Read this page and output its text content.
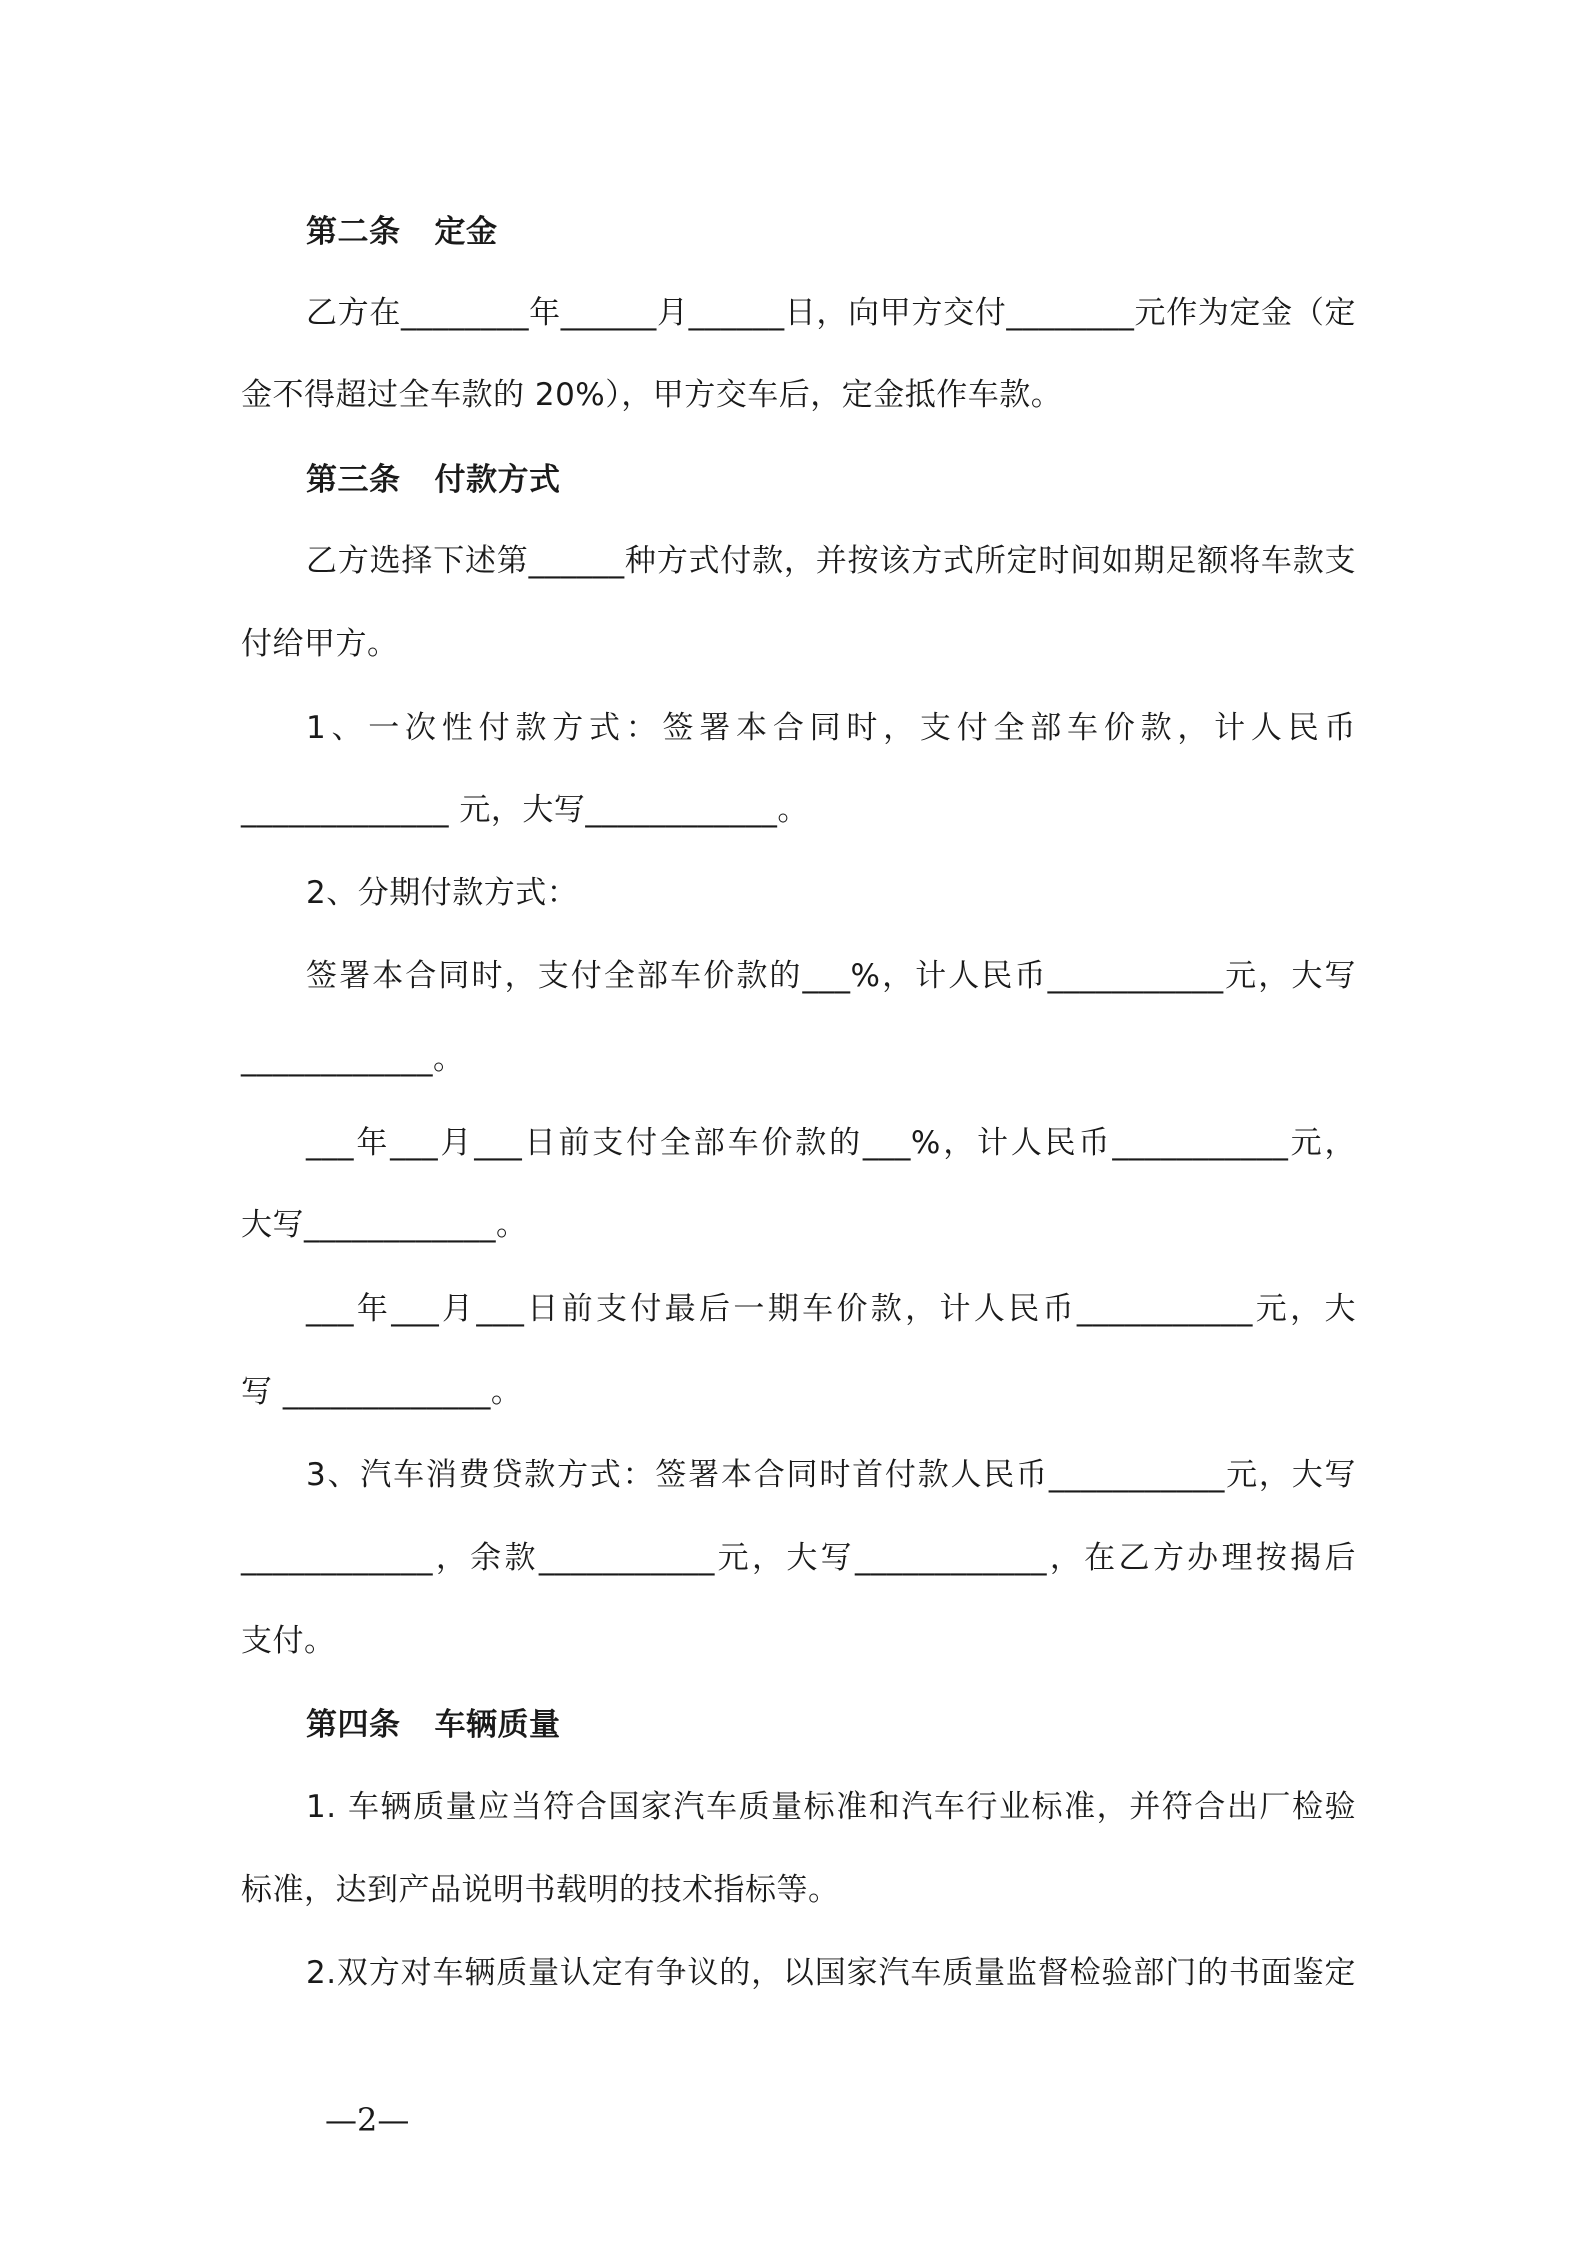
第二条 定金
乙方在________年______月______日，向甲方交付________元作为定金（定
金不得超过全车款的 20%），甲方交车后，定金抵作车款。
第三条 付款方式
乙方选择下述第______种方式付款，并按该方式所定时间如期足额将车款支
付给甲方。
1、一次性付款方式：签署本合同时，支付全部车价款，计人民币
_____________ 元，大写____________。
2、分期付款方式：
签署本合同时，支付全部车价款的___%，计人民币___________元，大写
____________。
___年___月___日前支付全部车价款的___%，计人民币___________元，
大写____________。
___年___月___日前支付最后一期车价款，计人民币___________元，大
写 _____________。
3、汽车消费贷款方式：签署本合同时首付款人民币___________元，大写
____________，余款___________元，大写____________，在乙方办理按揭后
支付。
第四条 车辆质量
1. 车辆质量应当符合国家汽车质量标准和汽车行业标准，并符合出厂检验
标准，达到产品说明书载明的技术指标等。
2.双方对车辆质量认定有争议的，以国家汽车质量监督检验部门的书面鉴定
—2—
